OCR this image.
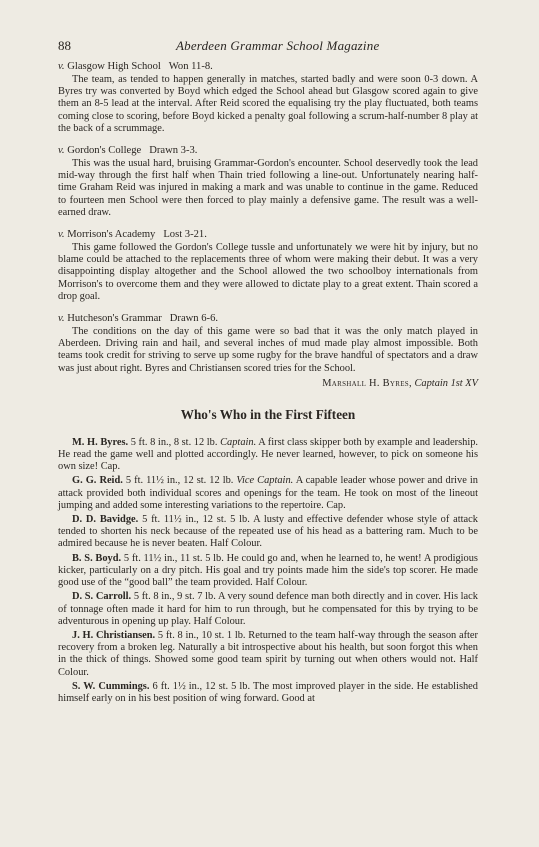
88	Aberdeen Grammar School Magazine
v. Glasgow High School Won 11-8.

The team, as tended to happen generally in matches, started badly and were soon 0-3 down. A Byres try was converted by Boyd which edged the School ahead but Glasgow scored again to give them an 8-5 lead at the interval. After Reid scored the equalising try the play fluctuated, both teams coming close to scoring, before Boyd kicked a penalty goal following a scrum-half-number 8 play at the back of a scrummage.

v. Gordon's College Drawn 3-3.

This was the usual hard, bruising Grammar-Gordon's encounter. School deservedly took the lead mid-way through the first half when Thain tried following a line-out. Unfortunately nearing half-time Graham Reid was injured in making a mark and was unable to continue in the game. Reduced to fourteen men School were then forced to play mainly a defensive game. The result was a well-earned draw.

v. Morrison's Academy Lost 3-21.

This game followed the Gordon's College tussle and unfortunately we were hit by injury, but no blame could be attached to the replacements three of whom were making their debut. It was a very disappointing display altogether and the School allowed the two schoolboy internationals from Morrison's to overcome them and they were allowed to dictate play to a great extent. Thain scored a drop goal.

v. Hutcheson's Grammar Drawn 6-6.

The conditions on the day of this game were so bad that it was the only match played in Aberdeen. Driving rain and hail, and several inches of mud made play almost impossible. Both teams took credit for striving to serve up some rugby for the brave handful of spectators and a draw was just about right. Byres and Christiansen scored tries for the School.

Marshall H. Byres, Captain 1st XV
Who's Who in the First Fifteen
M. H. Byres. 5 ft. 8 in., 8 st. 12 lb. Captain. A first class skipper both by example and leadership. He read the game well and plotted accordingly. He never learned, however, to pick on someone his own size! Cap.
G. G. Reid. 5 ft. 11½ in., 12 st. 12 lb. Vice Captain. A capable leader whose power and drive in attack provided both individual scores and openings for the team. He took on most of the lineout jumping and added some interesting variations to the repertoire. Cap.
D. D. Bavidge. 5 ft. 11½ in., 12 st. 5 lb. A lusty and effective defender whose style of attack tended to shorten his neck because of the repeated use of his head as a battering ram. Much to be admired because he is never beaten. Half Colour.
B. S. Boyd. 5 ft. 11½ in., 11 st. 5 lb. He could go and, when he learned to, he went! A prodigious kicker, particularly on a dry pitch. His goal and try points made him the side's top scorer. He made good use of the “good ball” the team provided. Half Colour.
D. S. Carroll. 5 ft. 8 in., 9 st. 7 lb. A very sound defence man both directly and in cover. His lack of tonnage often made it hard for him to run through, but he compensated for this by trying to be adventurous in opening up play. Half Colour.
J. H. Christiansen. 5 ft. 8 in., 10 st. 1 lb. Returned to the team half-way through the season after recovery from a broken leg. Naturally a bit introspective about his health, but soon forgot this when in the thick of things. Showed some good team spirit by turning out when others would not. Half Colour.
S. W. Cummings. 6 ft. 1½ in., 12 st. 5 lb. The most improved player in the side. He established himself early on in his best position of wing forward. Good at
